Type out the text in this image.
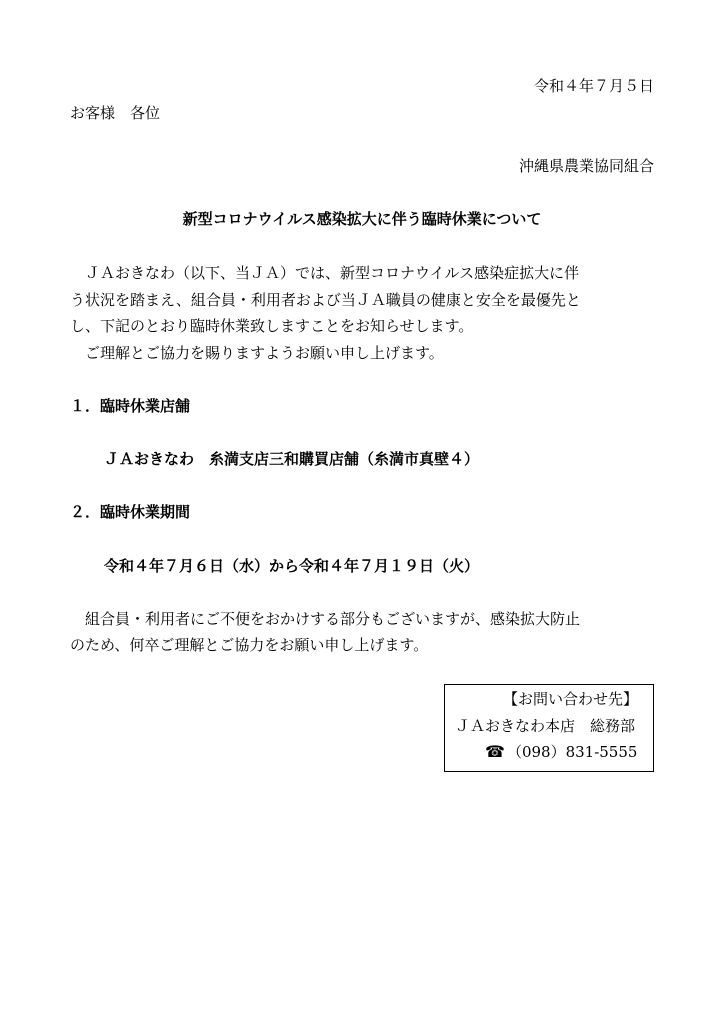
令和４年７月５日
お客様　各位
沖縄県農業協同組合
新型コロナウイルス感染拡大に伴う臨時休業について
　ＪＡおきなわ（以下、当ＪＡ）では、新型コロナウイルス感染症拡大に伴
う状況を踏まえ、組合員・利用者および当ＪＡ職員の健康と安全を最優先と
し、下記のとおり臨時休業致しますことをお知らせします。
　ご理解とご協力を賜りますようお願い申し上げます。
１．臨時休業店舗
ＪＡおきなわ　糸満支店三和購買店舗（糸満市真壁４）
２．臨時休業期間
令和４年７月６日（水）から令和４年７月１９日（火）
　組合員・利用者にご不便をおかけする部分もございますが、感染拡大防止
のため、何卒ご理解とご協力をお願い申し上げます。
【お問い合わせ先】
ＪＡおきなわ本店　総務部
☎ （098）831-5555
